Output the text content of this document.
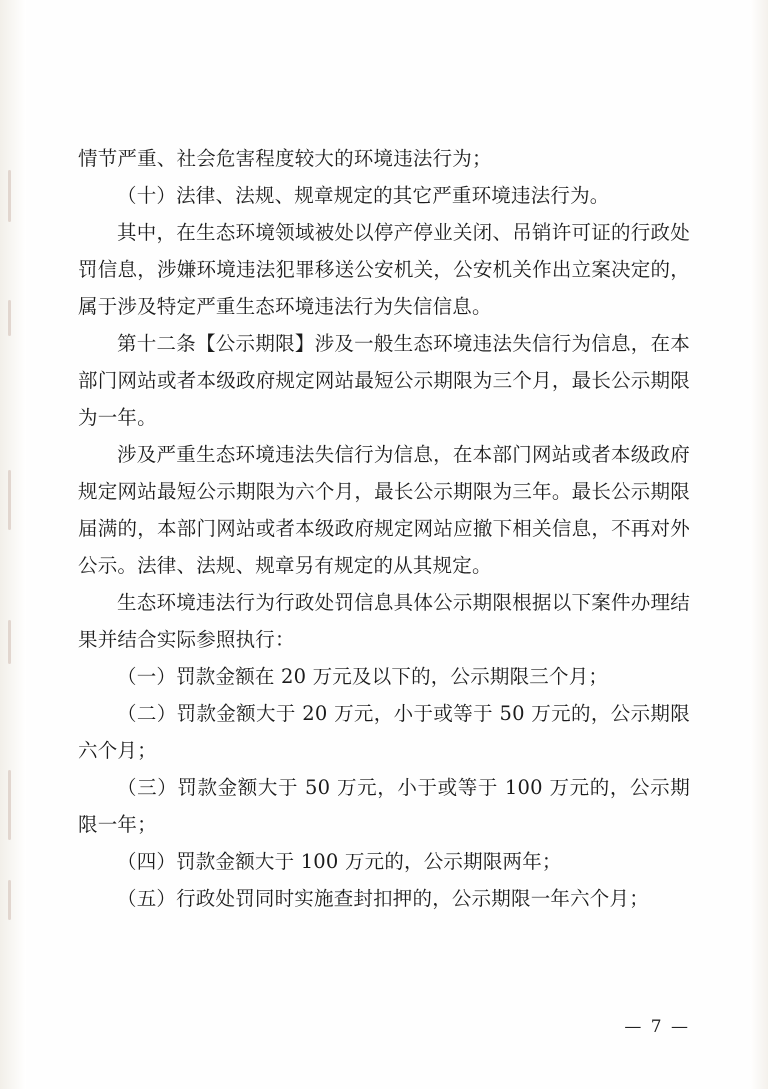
情节严重、社会危害程度较大的环境违法行为；

（十）法律、法规、规章规定的其它严重环境违法行为。

其中，在生态环境领域被处以停产停业关闭、吊销许可证的行政处罚信息，涉嫌环境违法犯罪移送公安机关，公安机关作出立案决定的，属于涉及特定严重生态环境违法行为失信信息。

第十二条【公示期限】涉及一般生态环境违法失信行为信息，在本部门网站或者本级政府规定网站最短公示期限为三个月，最长公示期限为一年。

涉及严重生态环境违法失信行为信息，在本部门网站或者本级政府规定网站最短公示期限为六个月，最长公示期限为三年。最长公示期限届满的，本部门网站或者本级政府规定网站应撤下相关信息，不再对外公示。法律、法规、规章另有规定的从其规定。

生态环境违法行为行政处罚信息具体公示期限根据以下案件办理结果并结合实际参照执行：

（一）罚款金额在 20 万元及以下的，公示期限三个月；

（二）罚款金额大于 20 万元，小于或等于 50 万元的，公示期限六个月；

（三）罚款金额大于 50 万元，小于或等于 100 万元的，公示期限一年；

（四）罚款金额大于 100 万元的，公示期限两年；

（五）行政处罚同时实施查封扣押的，公示期限一年六个月；

— 7 —
